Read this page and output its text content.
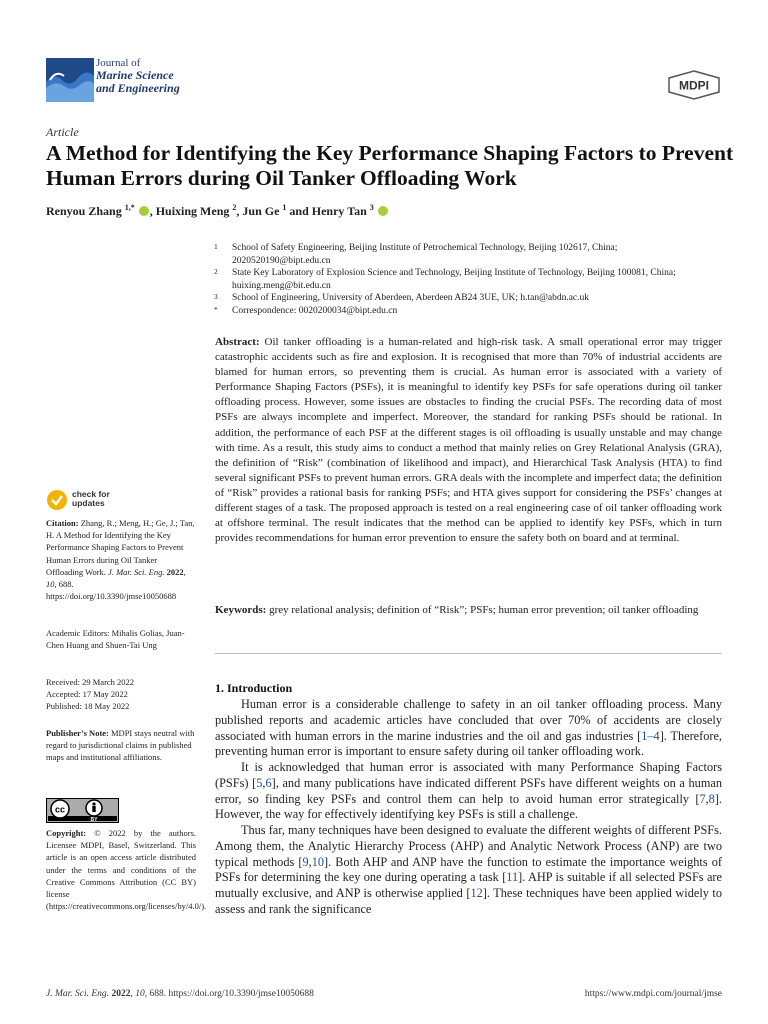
Journal of
Marine Science
and Engineering	MDPI
Article
A Method for Identifying the Key Performance Shaping Factors to Prevent Human Errors during Oil Tanker Offloading Work
Renyou Zhang $^{1,*}$ , Huixing Meng $^2$, Jun Ge $^1$ and Henry Tan $^3$
1 School of Safety Engineering, Beijing Institute of Petrochemical Technology, Beijing 102617, China; 2020520190@bipt.edu.cn
2 State Key Laboratory of Explosion Science and Technology, Beijing Institute of Technology, Beijing 100081, China; huixing.meng@bit.edu.cn
3 School of Engineering, University of Aberdeen, Aberdeen AB24 3UE, UK; h.tan@abdn.ac.uk
* Correspondence: 0020200034@bipt.edu.cn
Abstract: Oil tanker offloading is a human-related and high-risk task. A small operational error may trigger catastrophic accidents such as fire and explosion. It is recognised that more than 70% of industrial accidents are blamed for human errors, so preventing them is crucial. As human error is associated with a variety of Performance Shaping Factors (PSFs), it is meaningful to identify key PSFs for safe operations during oil tanker offloading process. However, some issues are obstacles to finding the crucial PSFs. The recording data of most PSFs are always incomplete and imperfect. Moreover, the standard for ranking PSFs should be rational. In addition, the performance of each PSF at the different stages is oil offloading is usually unstable and may change with time. As a result, this study aims to conduct a method that mainly relies on Grey Relational Analysis (GRA), the definition of “Risk” (combination of likelihood and impact), and Hierarchical Task Analysis (HTA) to find several significant PSFs to prevent human errors. GRA deals with the incomplete and imperfect data; the definition of “Risk” provides a rational basis for ranking PSFs; and HTA gives support for considering the PSFs’ changes at different stages of a task. The proposed approach is tested on a real engineering case of oil tanker offloading work at offshore terminal. The result indicates that the method can be applied to identify key PSFs, which in turn provides recommendations for human error prevention to ensure the safety both on board and at terminal.
Keywords: grey relational analysis; definition of “Risk”; PSFs; human error prevention; oil tanker offloading
check for
updates
Citation: Zhang, R.; Meng, H.; Ge, J.; Tan, H. A Method for Identifying the Key Performance Shaping Factors to Prevent Human Errors during Oil Tanker Offloading Work. J. Mar. Sci. Eng. 2022, 10, 688. https://doi.org/10.3390/jmse10050688
Academic Editors: Mihalis Golias, Juan-Chen Huang and Shuen-Tai Ung
Received: 29 March 2022
Accepted: 17 May 2022
Published: 18 May 2022
Publisher’s Note: MDPI stays neutral with regard to jurisdictional claims in published maps and institutional affiliations.
cc
BY
Copyright: © 2022 by the authors. Licensee MDPI, Basel, Switzerland. This article is an open access article distributed under the terms and conditions of the Creative Commons Attribution (CC BY) license (https://creativecommons.org/licenses/by/4.0/).
1. Introduction

Human error is a considerable challenge to safety in an oil tanker offloading process. Many published reports and academic articles have concluded that over 70% of accidents are closely associated with human errors in the marine industries and the oil and gas industries [1–4]. Therefore, preventing human error is important to ensure safety during oil tanker offloading work.

It is acknowledged that human error is associated with many Performance Shaping Factors (PSFs) [5,6], and many publications have indicated different PSFs have different weights on a human error, so finding key PSFs and control them can help to avoid human error strategically [7,8]. However, the way for effectively identifying key PSFs is still a challenge.

Thus far, many techniques have been designed to evaluate the different weights of different PSFs. Among them, the Analytic Hierarchy Process (AHP) and Analytic Network Process (ANP) are two typical methods [9,10]. Both AHP and ANP have the function to estimate the importance weights of PSFs for determining the key one during operating a task [11]. AHP is suitable if all selected PSFs are mutually exclusive, and ANP is otherwise applied [12]. These techniques have been applied widely to assess and rank the significance

J. Mar. Sci. Eng. 2022, 10, 688. https://doi.org/10.3390/jmse10050688	https://www.mdpi.com/journal/jmse
